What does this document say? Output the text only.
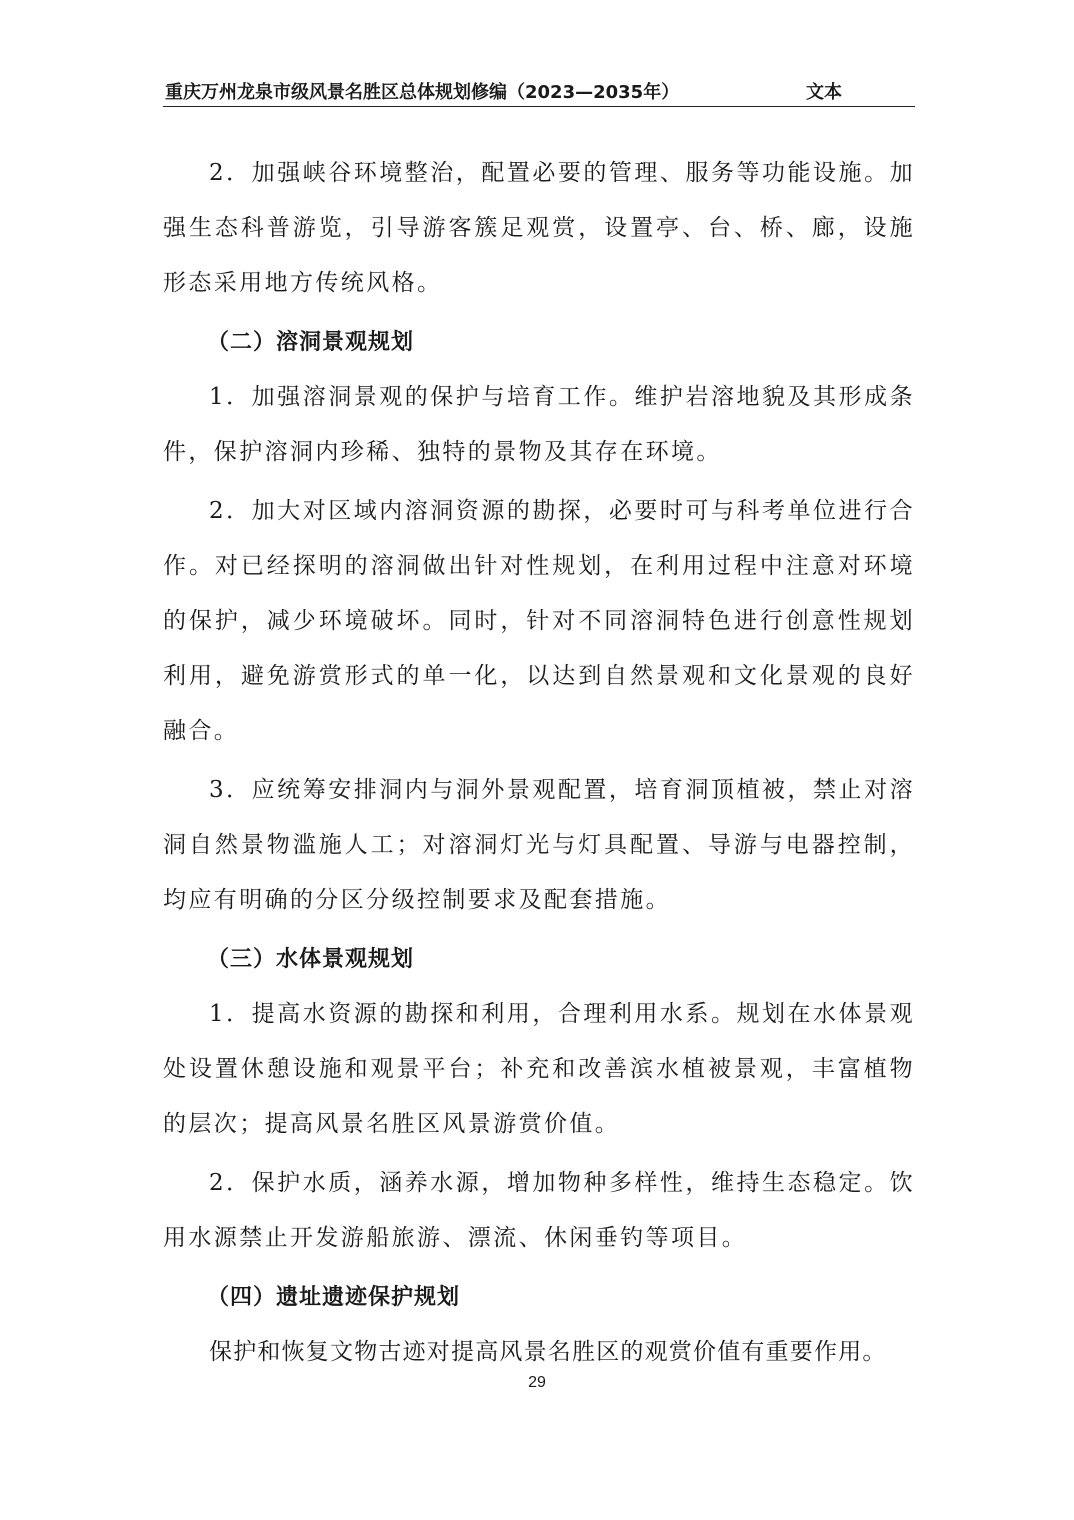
重庆万州龙泉市级风景名胜区总体规划修编（2023—2035年）	文本

2．加强峡谷环境整治，配置必要的管理、服务等功能设施。加强生态科普游览，引导游客簇足观赏，设置亭、台、桥、廊，设施形态采用地方传统风格。

（二）溶洞景观规划

1．加强溶洞景观的保护与培育工作。维护岩溶地貌及其形成条件，保护溶洞内珍稀、独特的景物及其存在环境。

2．加大对区域内溶洞资源的勘探，必要时可与科考单位进行合作。对已经探明的溶洞做出针对性规划，在利用过程中注意对环境的保护，减少环境破坏。同时，针对不同溶洞特色进行创意性规划利用，避免游赏形式的单一化，以达到自然景观和文化景观的良好融合。

3．应统筹安排洞内与洞外景观配置，培育洞顶植被，禁止对溶洞自然景物滥施人工；对溶洞灯光与灯具配置、导游与电器控制，均应有明确的分区分级控制要求及配套措施。

（三）水体景观规划

1．提高水资源的勘探和利用，合理利用水系。规划在水体景观处设置休憩设施和观景平台；补充和改善滨水植被景观，丰富植物的层次；提高风景名胜区风景游赏价值。

2．保护水质，涵养水源，增加物种多样性，维持生态稳定。饮用水源禁止开发游船旅游、漂流、休闲垂钓等项目。

（四）遗址遗迹保护规划

保护和恢复文物古迹对提高风景名胜区的观赏价值有重要作用。

29
